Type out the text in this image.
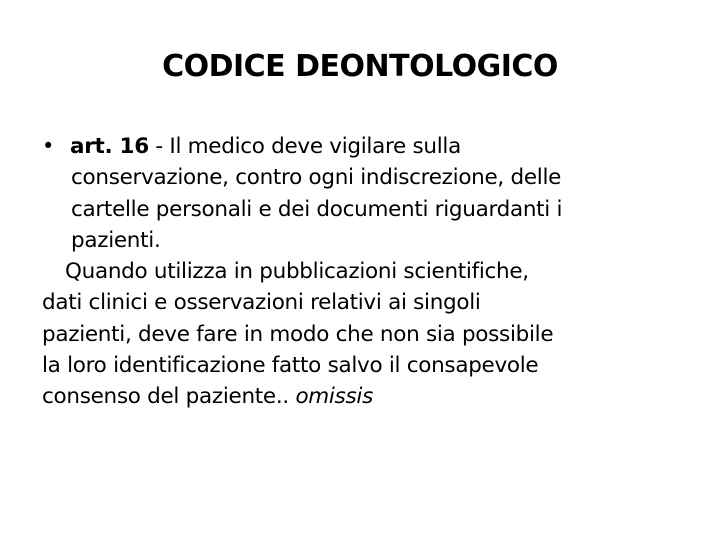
CODICE DEONTOLOGICO
• art. 16 - Il medico deve vigilare sulla
conservazione, contro ogni indiscrezione, delle
cartelle personali e dei documenti riguardanti i
pazienti.
Quando utilizza in pubblicazioni scientifiche,
dati clinici e osservazioni relativi ai singoli
pazienti, deve fare in modo che non sia possibile
la loro identificazione fatto salvo il consapevole
consenso del paziente.. omissis
